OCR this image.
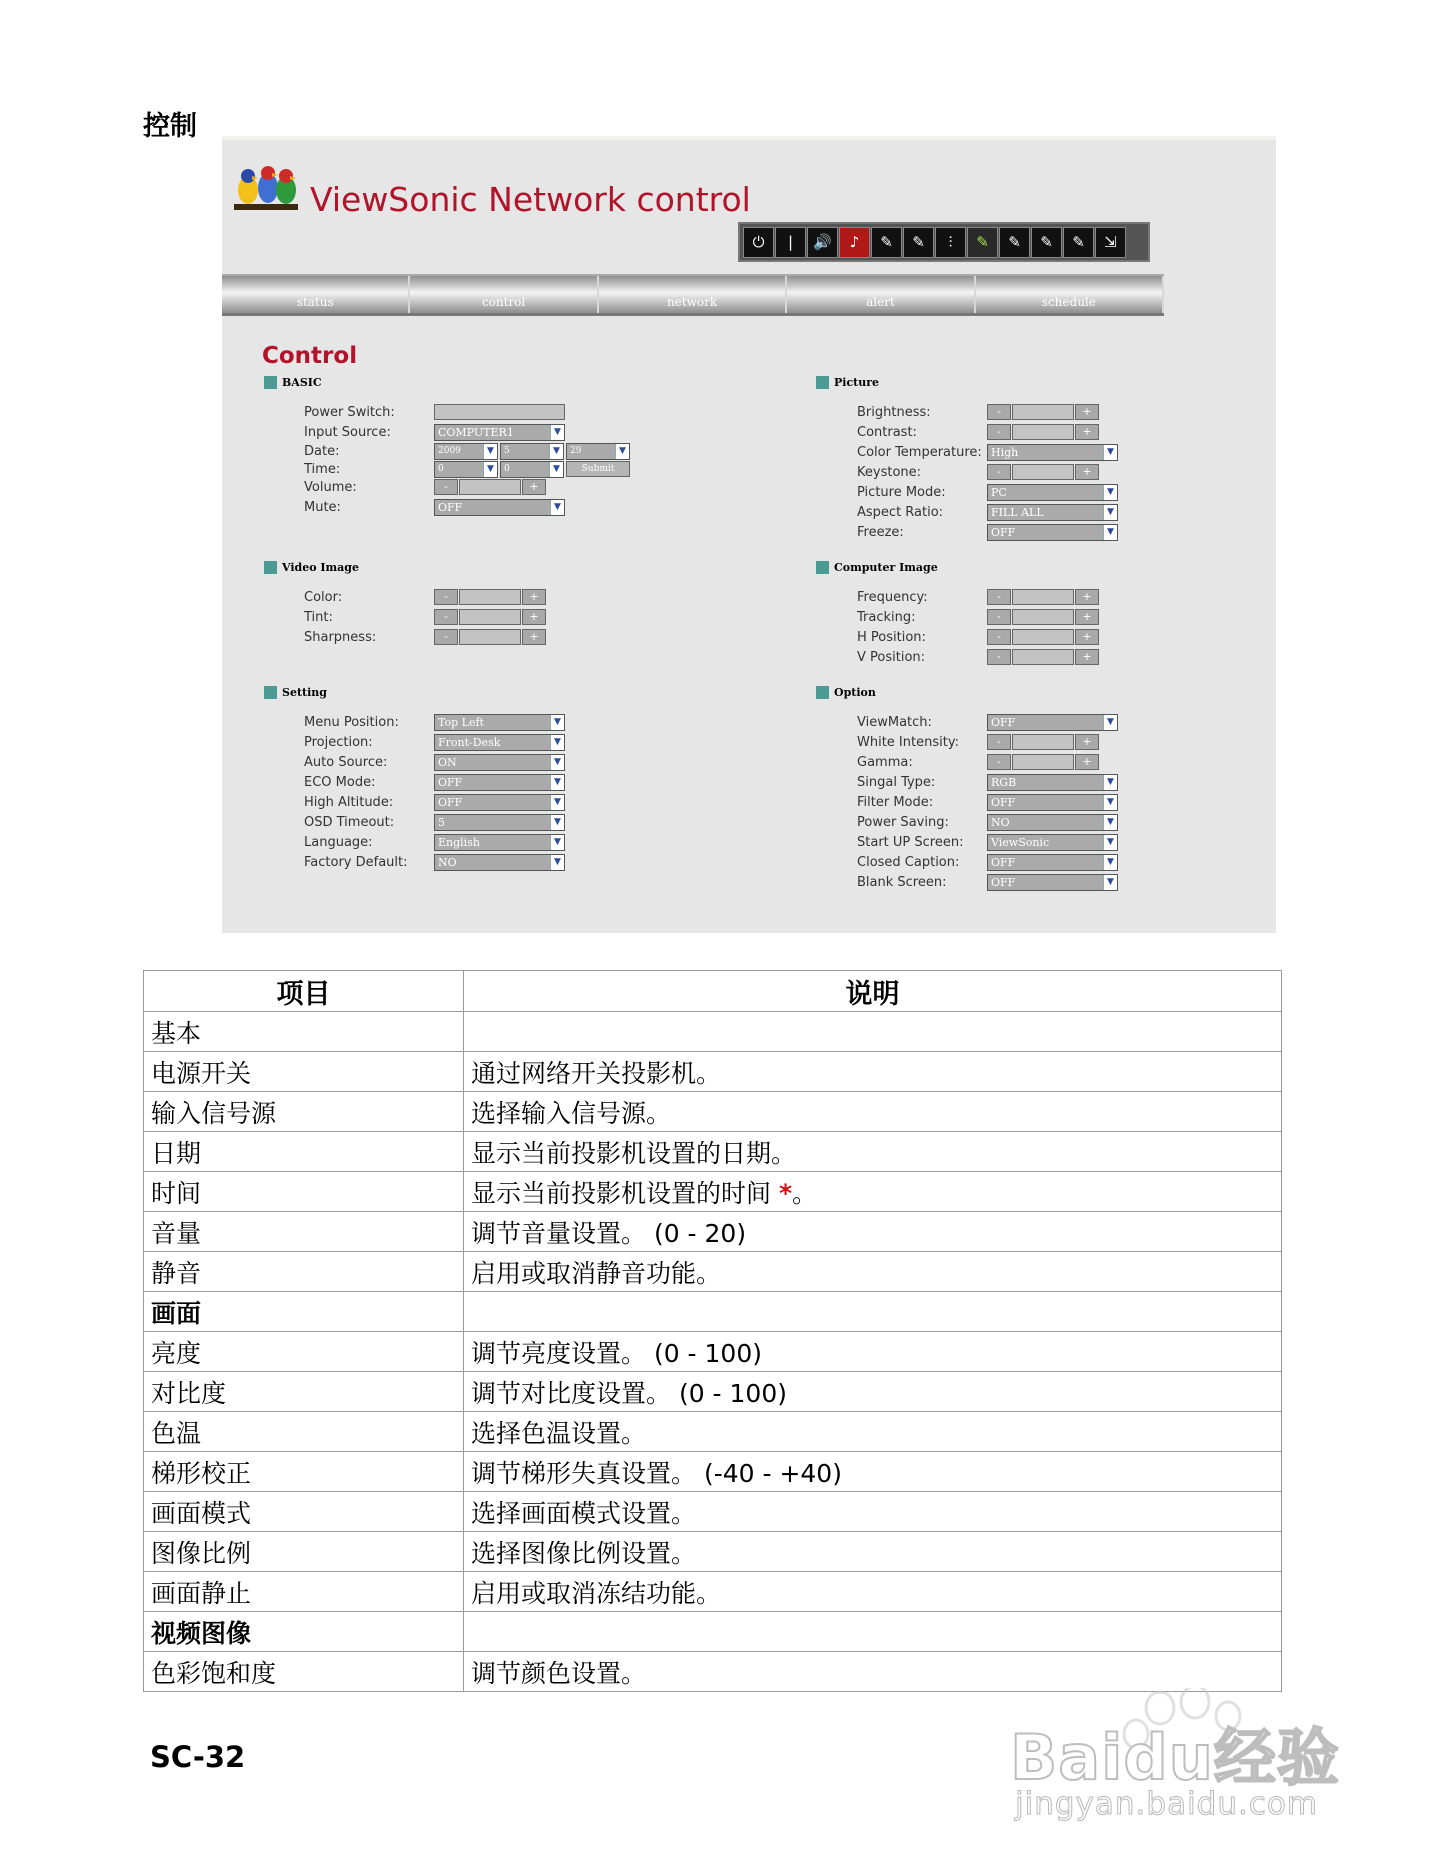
控制
ViewSonic Network control
⏻	|	🔊	♪	✎	✎	⫶	✎	✎	✎	✎	⇲
status	control	network	alert	schedule
Control
BASIC
Power Switch:
Input Source:	COMPUTER1	▼
Date:	2009	▼	5	▼	29	▼
Time:	0	▼	0	▼	Submit
Volume:	-	+
Mute:	OFF	▼
Picture
Brightness:	-	+
Contrast:	-	+
Color Temperature: High	▼
Keystone:	-	+
Picture Mode:	PC	▼
Aspect Ratio:	FILL ALL	▼
Freeze:	OFF	▼
Video Image
Color:	-	+
Tint:	-	+
Sharpness:	-	+
Computer Image
Frequency:	-	+
Tracking:	-	+
H Position:	-	+
V Position:	-	+
Setting
Menu Position:	Top Left	▼
Projection:	Front-Desk	▼
Auto Source:	ON	▼
ECO Mode:	OFF	▼
High Altitude:	OFF	▼
OSD Timeout:	5	▼
Language:	English	▼
Factory Default:	NO	▼
Option
ViewMatch:	OFF	▼
White Intensity:	-	+
Gamma:	-	+
Singal Type:	RGB	▼
Filter Mode:	OFF	▼
Power Saving:	NO	▼
Start UP Screen:	ViewSonic	▼
Closed Caption:	OFF	▼
Blank Screen:	OFF	▼
项目	说明
基本	
电源开关	通过网络开关投影机。
输入信号源	选择输入信号源。
日期	显示当前投影机设置的日期。
时间	显示当前投影机设置的时间 *。
音量	调节音量设置。 (0 - 20)
静音	启用或取消静音功能。
画面	
亮度	调节亮度设置。 (0 - 100)
对比度	调节对比度设置。 (0 - 100)
色温	选择色温设置。
梯形校正	调节梯形失真设置。 (-40 - +40)
画面模式	选择画面模式设置。
图像比例	选择图像比例设置。
画面静止	启用或取消冻结功能。
视频图像	
色彩饱和度	调节颜色设置。
SC-32	Baidu经验
jingyan.baidu.com
